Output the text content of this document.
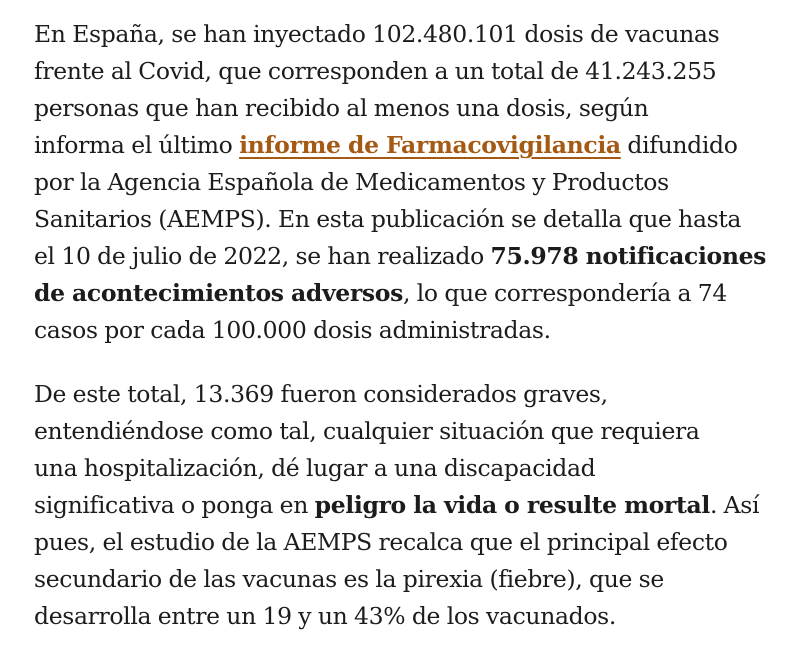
En España, se han inyectado 102.480.101 dosis de vacunas
frente al Covid, que corresponden a un total de 41.243.255
personas que han recibido al menos una dosis, según
informa el último informe de Farmacovigilancia difundido
por la Agencia Española de Medicamentos y Productos
Sanitarios (AEMPS). En esta publicación se detalla que hasta
el 10 de julio de 2022, se han realizado 75.978 notificaciones
de acontecimientos adversos, lo que correspondería a 74
casos por cada 100.000 dosis administradas.

De este total, 13.369 fueron considerados graves,
entendiéndose como tal, cualquier situación que requiera
una hospitalización, dé lugar a una discapacidad
significativa o ponga en peligro la vida o resulte mortal. Así
pues, el estudio de la AEMPS recalca que el principal efecto
secundario de las vacunas es la pirexia (fiebre), que se
desarrolla entre un 19 y un 43% de los vacunados.
